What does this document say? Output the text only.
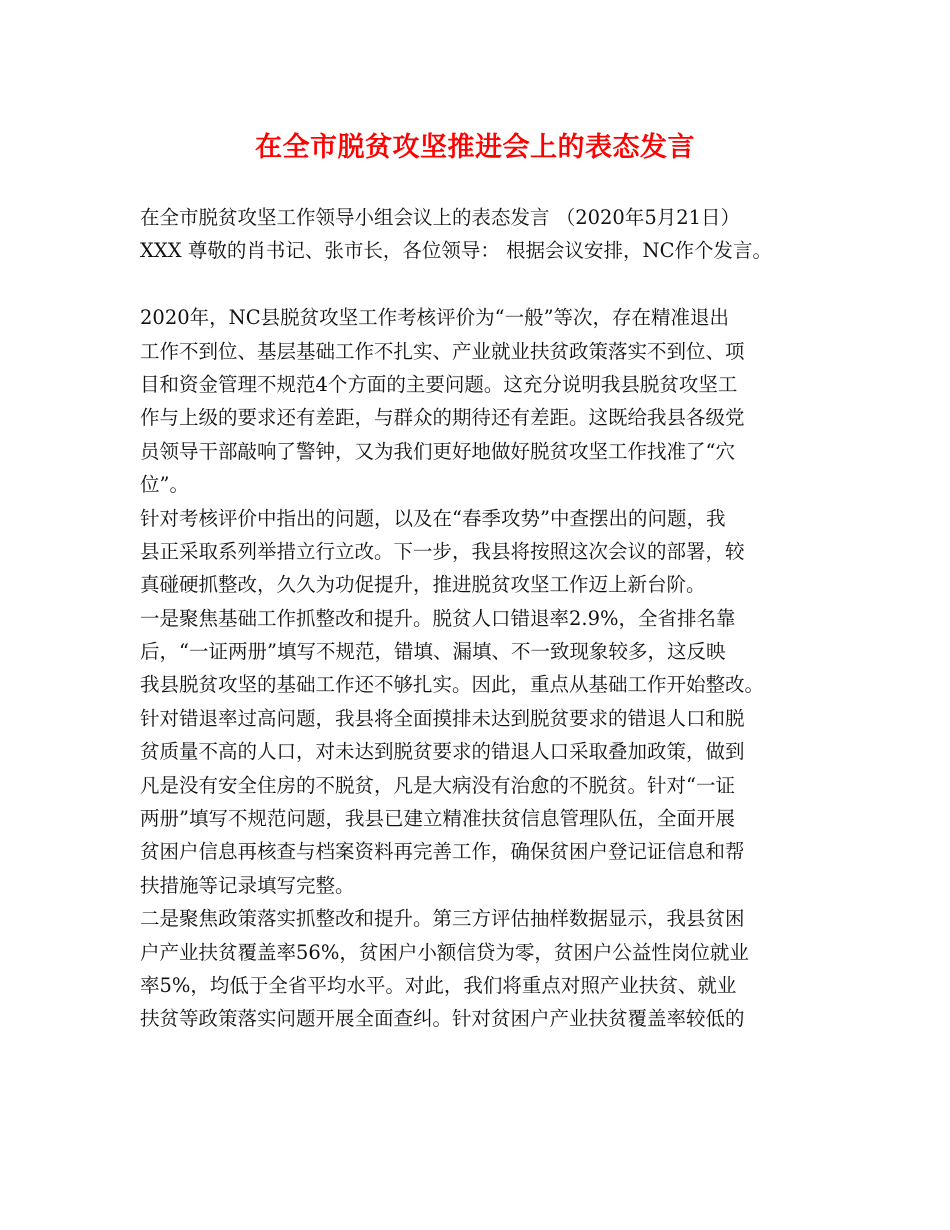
在全市脱贫攻坚推进会上的表态发言
在全市脱贫攻坚工作领导小组会议上的表态发言 （2020年5月21日）
XXX 尊敬的肖书记、张市长，各位领导： 根据会议安排，NC作个发言。
2020年，NC县脱贫攻坚工作考核评价为“一般”等次，存在精准退出
工作不到位、基层基础工作不扎实、产业就业扶贫政策落实不到位、项
目和资金管理不规范4个方面的主要问题。这充分说明我县脱贫攻坚工
作与上级的要求还有差距，与群众的期待还有差距。这既给我县各级党
员领导干部敲响了警钟，又为我们更好地做好脱贫攻坚工作找准了“穴
位”。
针对考核评价中指出的问题，以及在“春季攻势”中查摆出的问题，我
县正采取系列举措立行立改。下一步，我县将按照这次会议的部署，较
真碰硬抓整改，久久为功促提升，推进脱贫攻坚工作迈上新台阶。
一是聚焦基础工作抓整改和提升。脱贫人口错退率2.9%，全省排名靠
后，“一证两册”填写不规范，错填、漏填、不一致现象较多，这反映
我县脱贫攻坚的基础工作还不够扎实。因此，重点从基础工作开始整改。
针对错退率过高问题，我县将全面摸排未达到脱贫要求的错退人口和脱
贫质量不高的人口，对未达到脱贫要求的错退人口采取叠加政策，做到
凡是没有安全住房的不脱贫，凡是大病没有治愈的不脱贫。针对“一证
两册”填写不规范问题，我县已建立精准扶贫信息管理队伍，全面开展
贫困户信息再核查与档案资料再完善工作，确保贫困户登记证信息和帮
扶措施等记录填写完整。
二是聚焦政策落实抓整改和提升。第三方评估抽样数据显示，我县贫困
户产业扶贫覆盖率56%，贫困户小额信贷为零，贫困户公益性岗位就业
率5%，均低于全省平均水平。对此，我们将重点对照产业扶贫、就业
扶贫等政策落实问题开展全面查纠。针对贫困户产业扶贫覆盖率较低的
